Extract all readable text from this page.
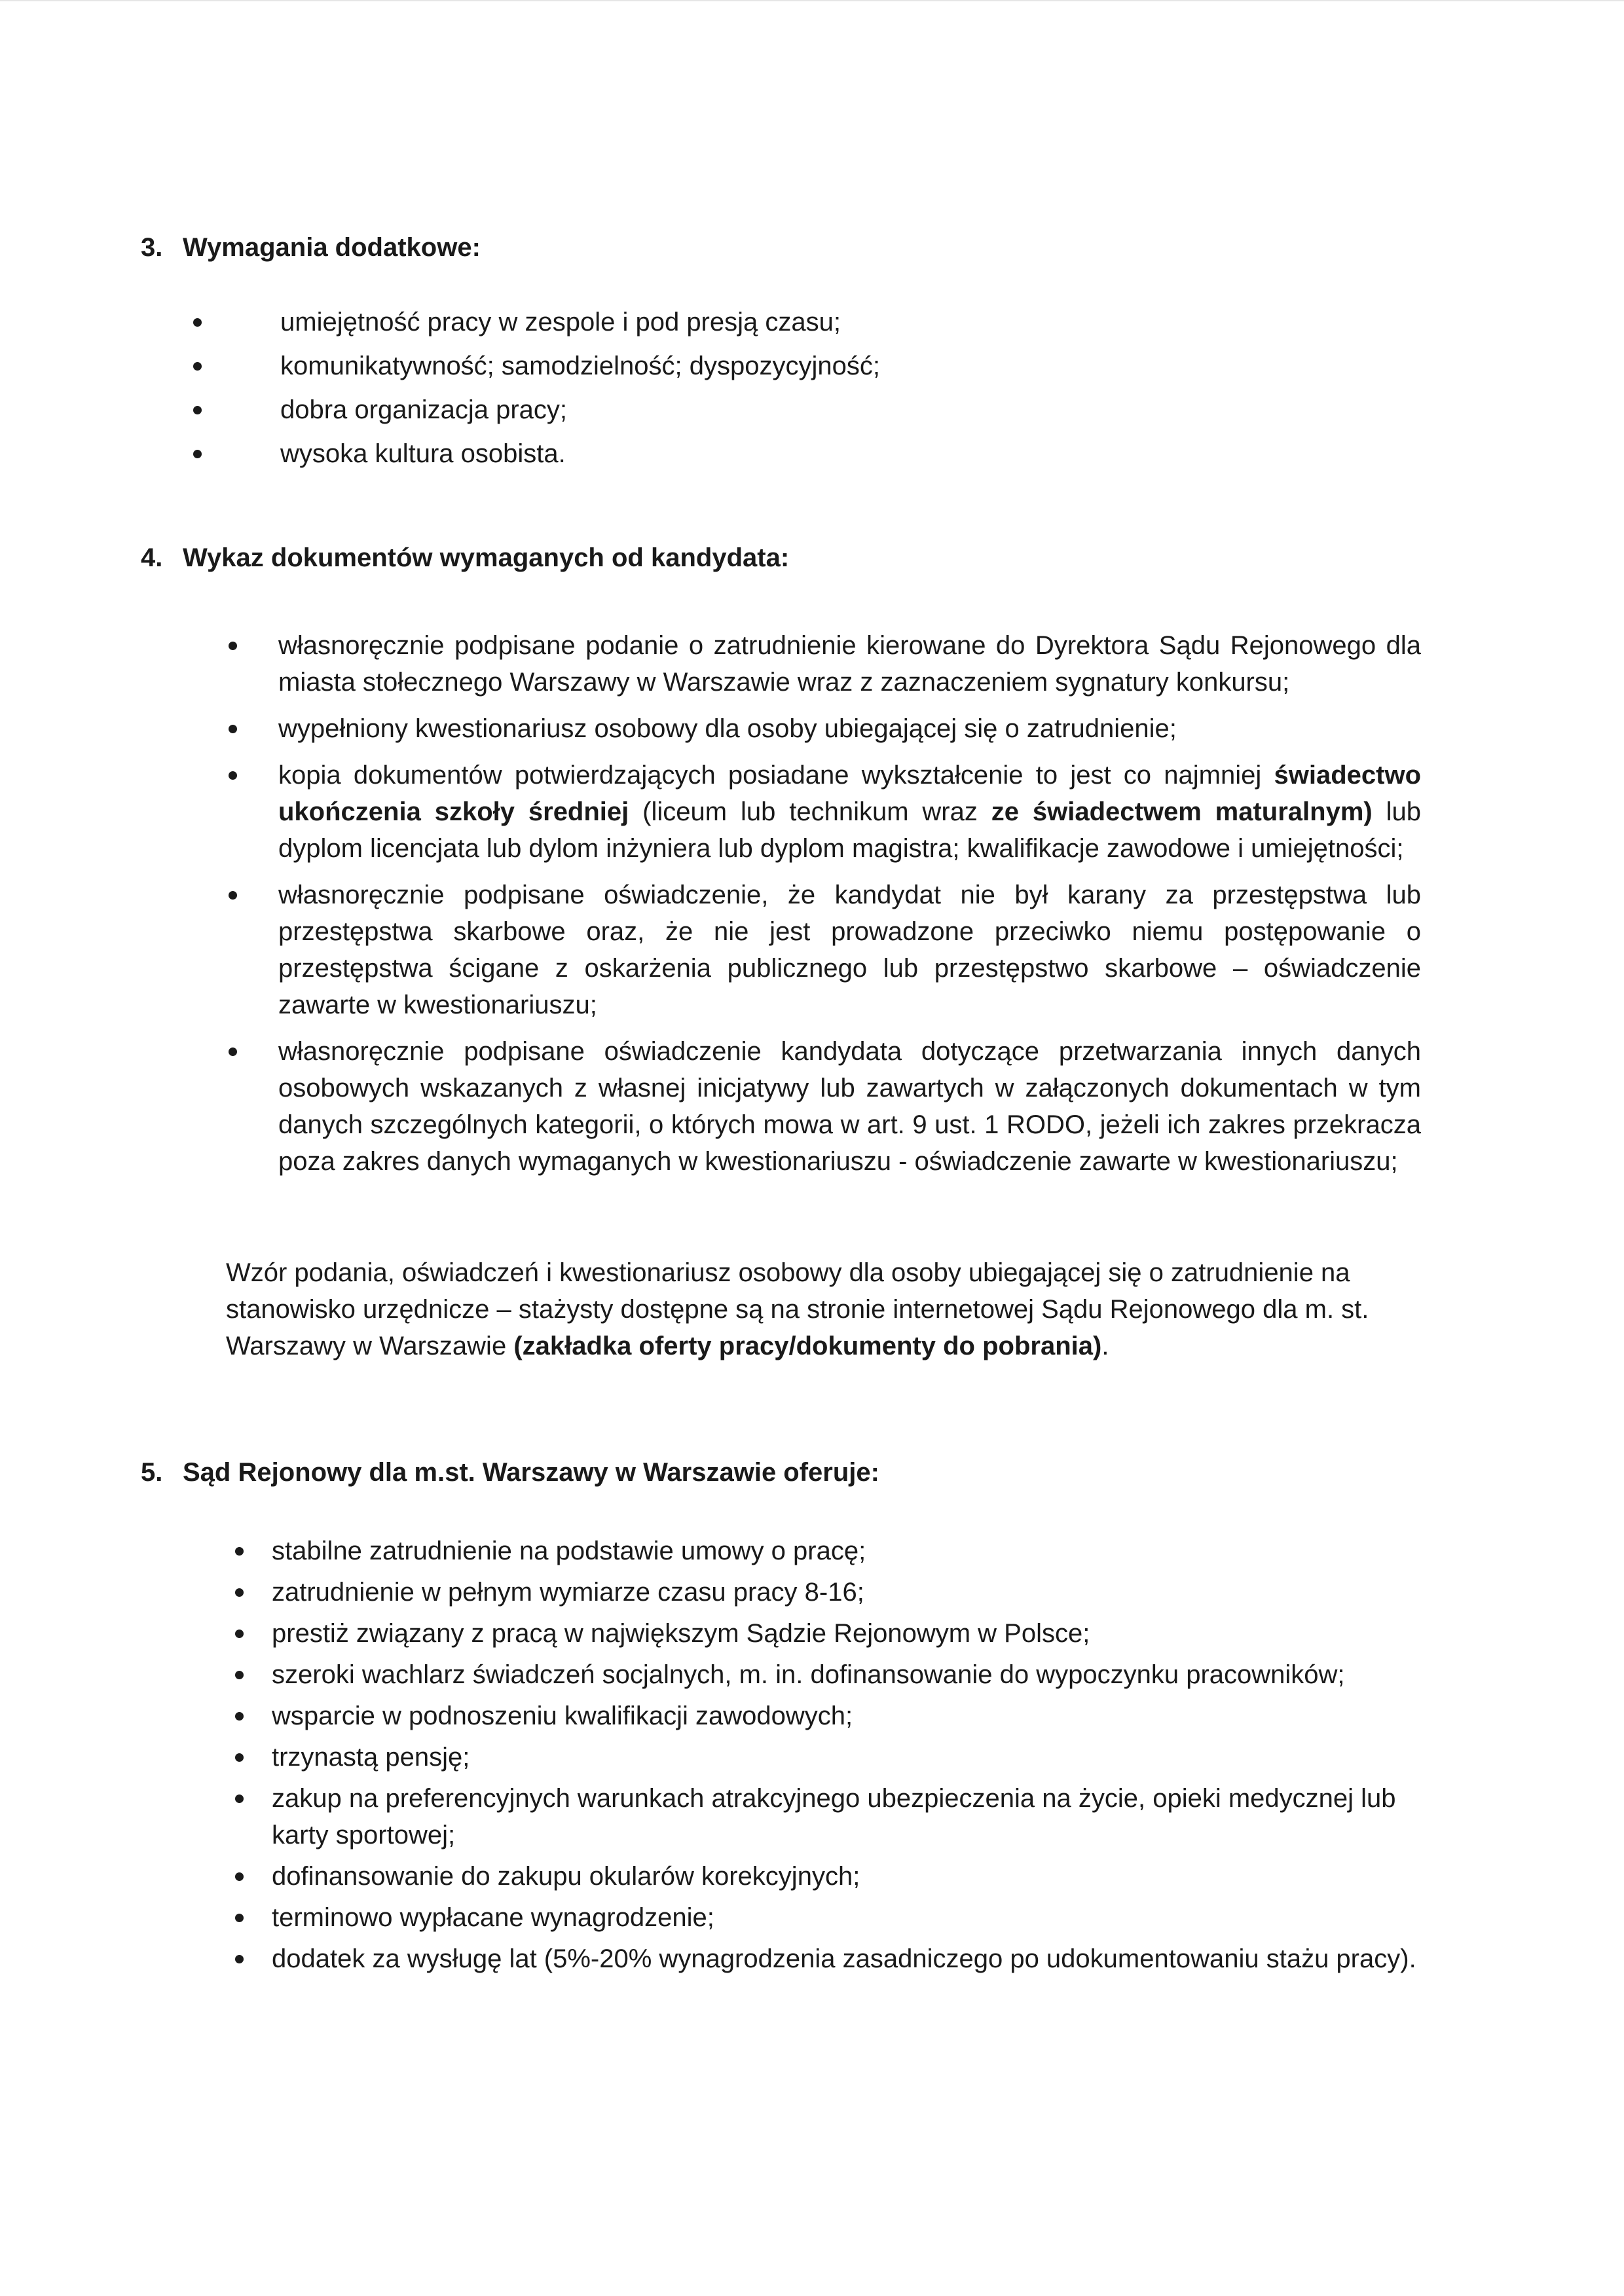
3. Wymagania dodatkowe:
umiejętność pracy w zespole i pod presją czasu;
komunikatywność; samodzielność; dyspozycyjność;
dobra organizacja pracy;
wysoka kultura osobista.
4. Wykaz dokumentów wymaganych od kandydata:
własnoręcznie podpisane podanie o zatrudnienie kierowane do Dyrektora Sądu Rejonowego dla miasta stołecznego Warszawy w Warszawie wraz z zaznaczeniem sygnatury konkursu;
wypełniony kwestionariusz osobowy dla osoby ubiegającej się o zatrudnienie;
kopia dokumentów potwierdzających posiadane wykształcenie to jest co najmniej świadectwo ukończenia szkoły średniej (liceum lub technikum wraz ze świadectwem maturalnym) lub dyplom licencjata lub dylom inżyniera lub dyplom magistra; kwalifikacje zawodowe i umiejętności;
własnoręcznie podpisane oświadczenie, że kandydat nie był karany za przestępstwa lub przestępstwa skarbowe oraz, że nie jest prowadzone przeciwko niemu postępowanie o przestępstwa ścigane z oskarżenia publicznego lub przestępstwo skarbowe – oświadczenie zawarte w kwestionariuszu;
własnoręcznie podpisane oświadczenie kandydata dotyczące przetwarzania innych danych osobowych wskazanych z własnej inicjatywy lub zawartych w załączonych dokumentach w tym danych szczególnych kategorii, o których mowa w art. 9 ust. 1 RODO, jeżeli ich zakres przekracza poza zakres danych wymaganych w kwestionariuszu - oświadczenie zawarte w kwestionariuszu;

Wzór podania, oświadczeń i kwestionariusz osobowy dla osoby ubiegającej się o zatrudnienie na stanowisko urzędnicze – stażysty dostępne są na stronie internetowej Sądu Rejonowego dla m. st. Warszawy w Warszawie (zakładka oferty pracy/dokumenty do pobrania).

5. Sąd Rejonowy dla m.st. Warszawy w Warszawie oferuje:
stabilne zatrudnienie na podstawie umowy o pracę;
zatrudnienie w pełnym wymiarze czasu pracy 8-16;
prestiż związany z pracą w największym Sądzie Rejonowym w Polsce;
szeroki wachlarz świadczeń socjalnych, m. in. dofinansowanie do wypoczynku pracowników;
wsparcie w podnoszeniu kwalifikacji zawodowych;
trzynastą pensję;
zakup na preferencyjnych warunkach atrakcyjnego ubezpieczenia na życie, opieki medycznej lub karty sportowej;
dofinansowanie do zakupu okularów korekcyjnych;
terminowo wypłacane wynagrodzenie;
dodatek za wysługę lat (5%-20% wynagrodzenia zasadniczego po udokumentowaniu stażu pracy).
